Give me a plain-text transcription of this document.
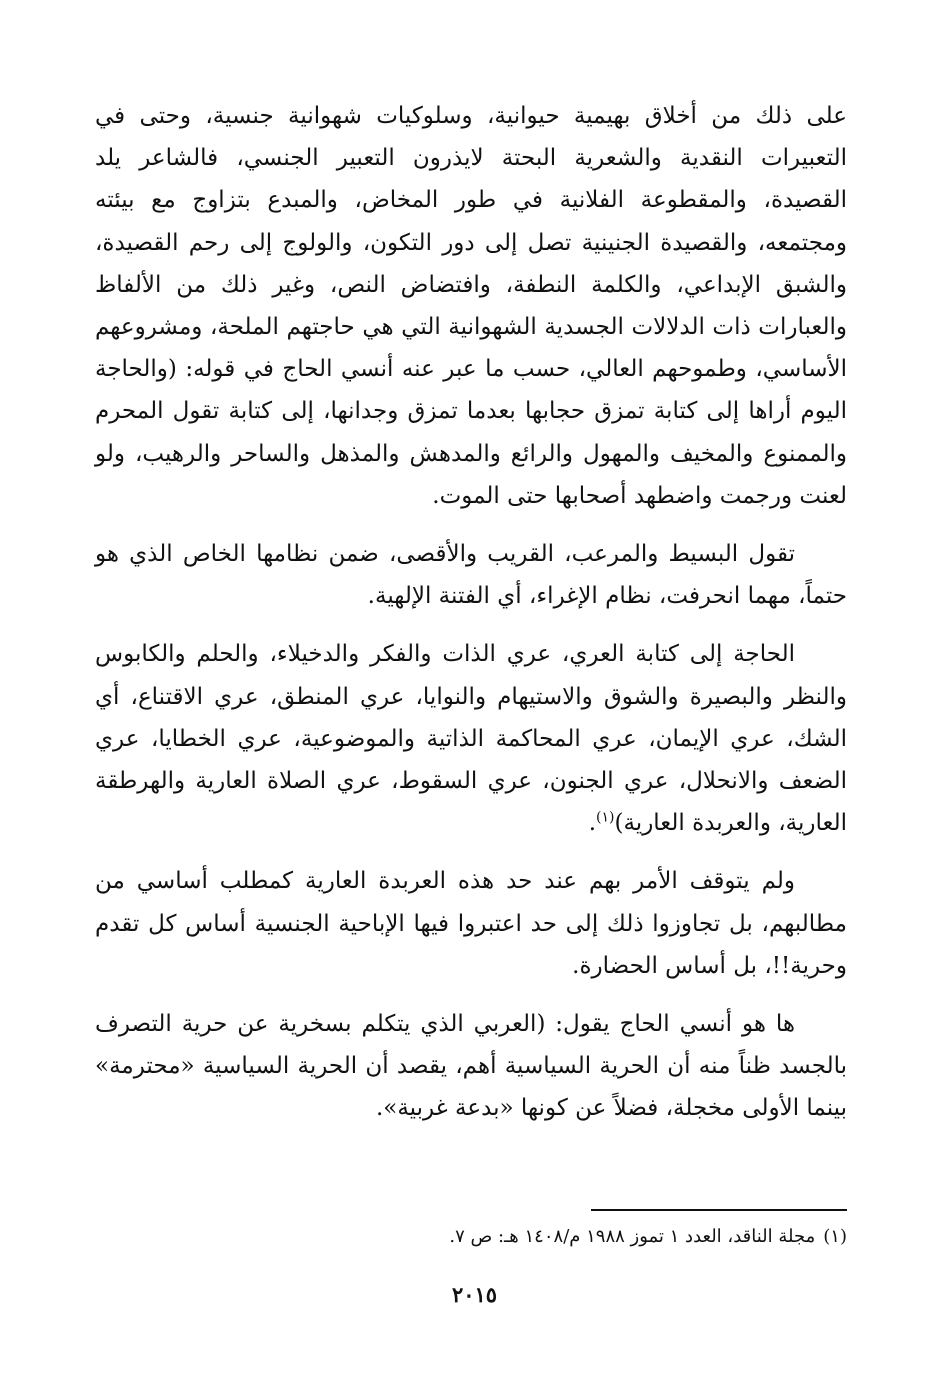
على ذلك من أخلاق بهيمية حيوانية، وسلوكيات شهوانية جنسية، وحتى في التعبيرات النقدية والشعرية البحتة لايذرون التعبير الجنسي، فالشاعر يلد القصيدة، والمقطوعة الفلانية في طور المخاض، والمبدع بتزاوج مع بيئته ومجتمعه، والقصيدة الجنينية تصل إلى دور التكون، والولوج إلى رحم القصيدة، والشبق الإبداعي، والكلمة النطفة، وافتضاض النص، وغير ذلك من الألفاظ والعبارات ذات الدلالات الجسدية الشهوانية التي هي حاجتهم الملحة، ومشروعهم الأساسي، وطموحهم العالي، حسب ما عبر عنه أنسي الحاج في قوله: (والحاجة اليوم أراها إلى كتابة تمزق حجابها بعدما تمزق وجدانها، إلى كتابة تقول المحرم والممنوع والمخيف والمهول والرائع والمدهش والمذهل والساحر والرهيب، ولو لعنت ورجمت واضطهد أصحابها حتى الموت.

تقول البسيط والمرعب، القريب والأقصى، ضمن نظامها الخاص الذي هو حتماً، مهما انحرفت، نظام الإغراء، أي الفتنة الإلهية.

الحاجة إلى كتابة العري، عري الذات والفكر والدخيلاء، والحلم والكابوس والنظر والبصيرة والشوق والاستيهام والنوايا، عري المنطق، عري الاقتناع، أي الشك، عري الإيمان، عري المحاكمة الذاتية والموضوعية، عري الخطايا، عري الضعف والانحلال، عري الجنون، عري السقوط، عري الصلاة العارية والهرطقة العارية، والعربدة العارية)$^{(١)}$.

ولم يتوقف الأمر بهم عند حد هذه العربدة العارية كمطلب أساسي من مطالبهم، بل تجاوزوا ذلك إلى حد اعتبروا فيها الإباحية الجنسية أساس كل تقدم وحرية!!، بل أساس الحضارة.

ها هو أنسي الحاج يقول: (العربي الذي يتكلم بسخرية عن حرية التصرف بالجسد ظناً منه أن الحرية السياسية أهم، يقصد أن الحرية السياسية «محترمة» بينما الأولى مخجلة، فضلاً عن كونها «بدعة غربية».

(١)مجلة الناقد، العدد ١ تموز ١٩٨٨ م/١٤٠٨ هـ: ص ٧.
٢٠١٥
